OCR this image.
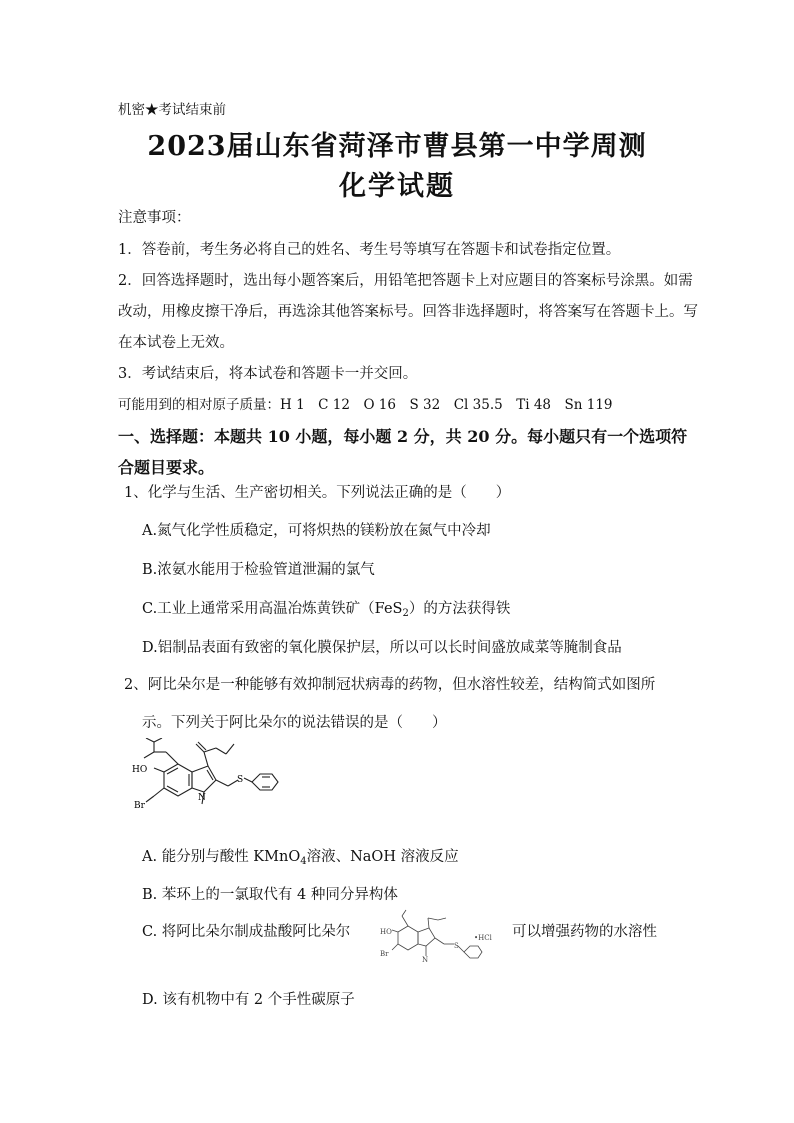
机密★考试结束前
2023届山东省菏泽市曹县第一中学周测
化学试题
注意事项：
1．答卷前，考生务必将自己的姓名、考生号等填写在答题卡和试卷指定位置。
2．回答选择题时，选出每小题答案后，用铅笔把答题卡上对应题目的答案标号涂黑。如需
改动，用橡皮擦干净后，再选涂其他答案标号。回答非选择题时，将答案写在答题卡上。写
在本试卷上无效。
3．考试结束后，将本试卷和答题卡一并交回。
可能用到的相对原子质量：H 1　C 12　O 16　S 32　Cl 35.5　Ti 48　Sn 119
一、选择题：本题共 10 小题，每小题 2 分，共 20 分。每小题只有一个选项符
合题目要求。
1、化学与生活、生产密切相关。下列说法正确的是（　　）
A.氮气化学性质稳定，可将炽热的镁粉放在氮气中冷却
B.浓氨水能用于检验管道泄漏的氯气
C.工业上通常采用高温冶炼黄铁矿（FeS$_2$）的方法获得铁
D.铝制品表面有致密的氧化膜保护层，所以可以长时间盛放咸菜等腌制食品
2、阿比朵尔是一种能够有效抑制冠状病毒的药物，但水溶性较差，结构简式如图所
示。下列关于阿比朵尔的说法错误的是（　　）
HO
Br
N
S
A. 能分别与酸性 KMnO$_4$溶液、NaOH 溶液反应
B. 苯环上的一氯取代有 4 种同分异构体
C. 将阿比朵尔制成盐酸阿比朵尔	HO
Br
N
S
•HCl 可以增强药物的水溶性
D. 该有机物中有 2 个手性碳原子
